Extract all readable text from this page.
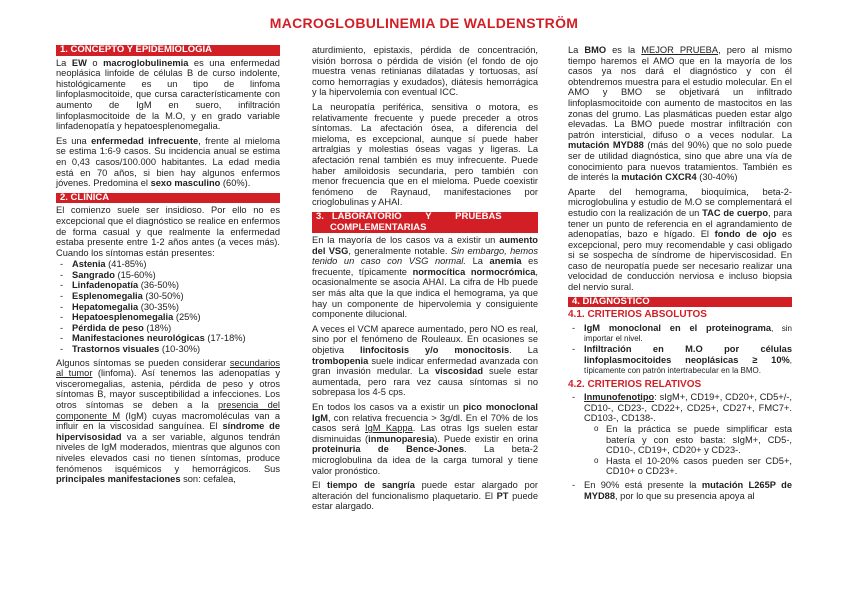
MACROGLOBULINEMIA DE WALDENSTRÖM
1. CONCEPTO Y EPIDEMIOLOGÍA

La EW o macroglobulinemia es una enfermedad neoplásica linfoide de células B de curso indolente, histológicamente es un tipo de linfoma linfoplasmocitoide, que cursa característicamente con aumento de IgM en suero, infiltración linfoplasmocitoide de la M.O, y en grado variable linfadenopatía y hepatoesplenomegalia.

Es una enfermedad infrecuente, frente al mieloma se estima 1:6-9 casos. Su incidencia anual se estima en 0,43 casos/100.000 habitantes. La edad media está en 70 años, si bien hay algunos enfermos jóvenes. Predomina el sexo masculino (60%).

2. CLÍNICA

El comienzo suele ser insidioso. Por ello no es excepcional que el diagnóstico se realice en enfermos de forma casual y que realmente la enfermedad estaba presente entre 1-2 años antes (a veces más). Cuando los síntomas están presentes:

- Astenia (41-85%)
- Sangrado (15-60%)
- Linfadenopatía (36-50%)
- Esplenomegalia (30-50%)
- Hepatomegalia (30-35%)
- Hepatoesplenomegalia (25%)
- Pérdida de peso (18%)
- Manifestaciones neurológicas (17-18%)
- Trastornos visuales (10-30%)

Algunos síntomas se pueden considerar secundarios al tumor (linfoma). Así tenemos las adenopatías y visceromegalias, astenia, pérdida de peso y otros síntomas B, mayor susceptibilidad a infecciones. Los otros síntomas se deben a la presencia del componente M (IgM) cuyas macromoléculas van a influir en la viscosidad sanguínea. El síndrome de hipervisosidad va a ser variable, algunos tendrán niveles de IgM moderados, mientras que algunos con niveles elevados casi no tienen síntomas, produce fenómenos isquémicos y hemorrágicos. Sus principales manifestaciones son: cefalea,

aturdimiento, epistaxis, pérdida de concentración, visión borrosa o pérdida de visión (el fondo de ojo muestra venas retinianas dilatadas y tortuosas, así como hemorragias y exudados), diátesis hemorrágica y la hipervolemia con eventual ICC.

La neuropatía periférica, sensitiva o motora, es relativamente frecuente y puede preceder a otros síntomas. La afectación ósea, a diferencia del mieloma, es excepcional, aunque sí puede haber artralgias y molestias óseas vagas y ligeras. La afectación renal también es muy infrecuente. Puede haber amiloidosis secundaria, pero también con menor frecuencia que en el mieloma. Puede coexistir fenómeno de Raynaud, manifestaciones por crioglobulinas y AHAI.

3.   LABORATORIO         Y         PRUEBAS
COMPLEMENTARIAS

En la mayoría de los casos va a existir un aumento del VSG, generalmente notable. Sin embargo, hemos tenido un caso con VSG normal. La anemia es frecuente, típicamente normocítica normocrómica, ocasionalmente se asocia AHAI. La cifra de Hb puede ser más alta que la que indica el hemograma, ya que hay un componente de hipervolemia y consiguiente componente dilucional.

A veces el VCM aparece aumentado, pero NO es real, sino por el fenómeno de Rouleaux. En ocasiones se objetiva linfocitosis y/o monocitosis. La trombopenia suele indicar enfermedad avanzada con gran invasión medular. La viscosidad suele estar aumentada, pero rara vez causa síntomas si no sobrepasa los 4-5 cps.

En todos los casos va a existir un pico monoclonal IgM, con relativa frecuencia > 3g/dl. En el 70% de los casos será IgM Kappa. Las otras Igs suelen estar disminuidas (inmunoparesia). Puede existir en orina proteinuria de Bence-Jones. La beta-2 microglobulina da idea de la carga tumoral y tiene valor pronóstico.

El tiempo de sangría puede estar alargado por alteración del funcionalismo plaquetario. El PT puede estar alargado.

La BMO es la MEJOR PRUEBA, pero al mismo tiempo haremos el AMO que en la mayoría de los casos ya nos dará el diagnóstico y con él obtendremos muestra para el estudio molecular. En el AMO y BMO se objetivará un infiltrado linfoplasmocitoide con aumento de mastocitos en las zonas del grumo. Las plasmáticas pueden estar algo elevadas. La BMO puede mostrar infiltración con patrón intersticial, difuso o a veces nodular. La mutación MYD88 (más del 90%) que no solo puede ser de utilidad diagnóstica, sino que abre una vía de conocimiento para nuevos tratamientos. También es de interés la mutación CXCR4 (30-40%)

Aparte del hemograma, bioquímica, beta-2-microglobulina y estudio de M.O se complementará el estudio con la realización de un TAC de cuerpo, para tener un punto de referencia en el agrandamiento de adenopatías, bazo e hígado. El fondo de ojo es excepcional, pero muy recomendable y casi obligado si se sospecha de síndrome de hiperviscosidad. En caso de neuropatía puede ser necesario realizar una velocidad de conducción nerviosa e incluso biopsia del nervio sural.

4. DIAGNÓSTICO
4.1. CRITERIOS ABSOLUTOS
- IgM monoclonal en el proteinograma, sin importar el nivel.
- Infiltración en M.O por células linfoplasmocitoides neoplásicas ≥ 10%, típicamente con patrón intertrabecular en la BMO.
4.2. CRITERIOS RELATIVOS
- Inmunofenotipo: sIgM+, CD19+, CD20+, CD5+/-, CD10-, CD23-, CD22+, CD25+, CD27+, FMC7+. CD103-, CD138-.
o En la práctica se puede simplificar esta batería y con esto basta: sIgM+, CD5-, CD10-, CD19+, CD20+ y CD23-.
o Hasta el 10-20% casos pueden ser CD5+, CD10+ o CD23+.
- En 90% está presente la mutación L265P de MYD88, por lo que su presencia apoya al
